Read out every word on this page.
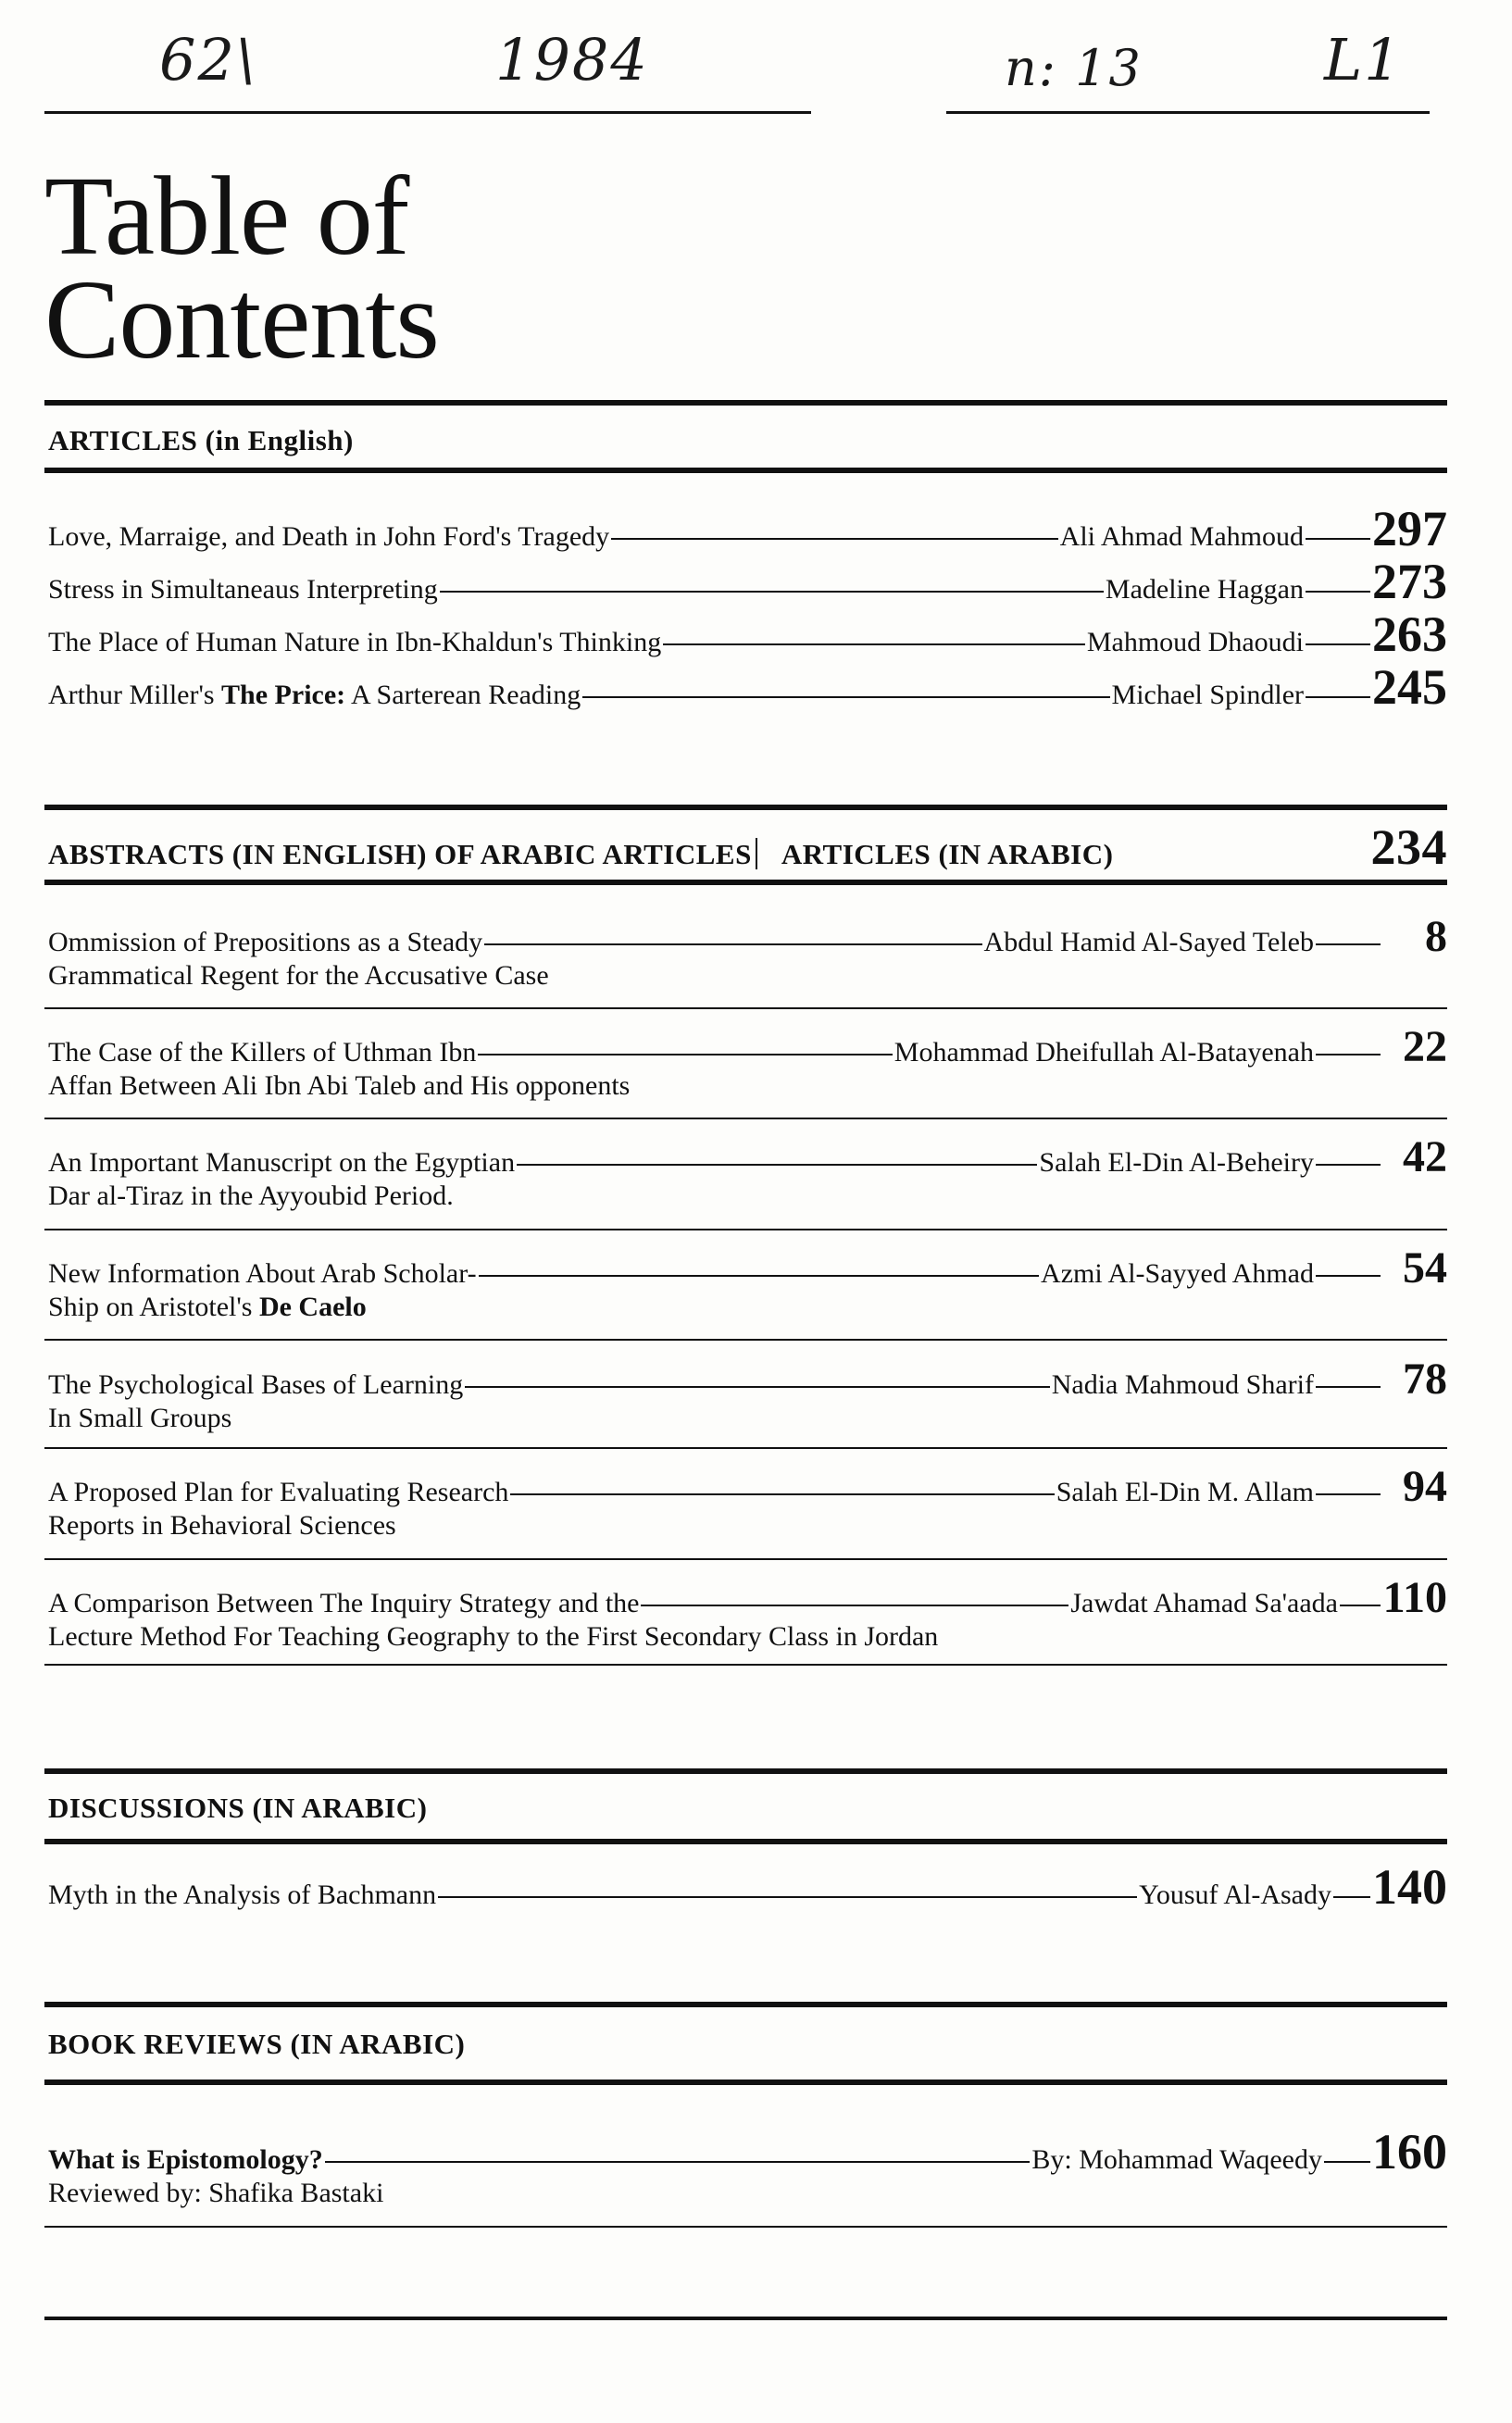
62\	1984	n: 13	L1
Table of
Contents
ARTICLES (in English)
Love, Marraige, and Death in John Ford's Tragedy	Ali Ahmad Mahmoud 297
Stress in Simultaneaus Interpreting	Madeline Haggan 273
The Place of Human Nature in Ibn-Khaldun's Thinking	Mahmoud Dhaoudi 263
Arthur Miller's The Price: A Sarterean Reading	Michael Spindler 245
ABSTRACTS (IN ENGLISH) OF ARABIC ARTICLES ARTICLES (IN ARABIC)	234
Ommission of Prepositions as a Steady	Abdul Hamid Al-Sayed Teleb	8
Grammatical Regent for the Accusative Case
The Case of the Killers of Uthman Ibn	Mohammad Dheifullah Al-Batayenah	22
Affan Between Ali Ibn Abi Taleb and His opponents
An Important Manuscript on the Egyptian	Salah El-Din Al-Beheiry	42
Dar al-Tiraz in the Ayyoubid Period.
New Information About Arab Scholar-	Azmi Al-Sayyed Ahmad	54
Ship on Aristotel's De Caelo
The Psychological Bases of Learning	Nadia Mahmoud Sharif	78
In Small Groups
A Proposed Plan for Evaluating Research	Salah El-Din M. Allam	94
Reports in Behavioral Sciences
A Comparison Between The Inquiry Strategy and the	Jawdat Ahamad Sa'aada 110
Lecture Method For Teaching Geography to the First Secondary Class in Jordan
DISCUSSIONS (IN ARABIC)
Myth in the Analysis of Bachmann	Yousuf Al-Asady 140
BOOK REVIEWS (IN ARABIC)
What is Epistomology?	By: Mohammad Waqeedy 160
Reviewed by: Shafika Bastaki
